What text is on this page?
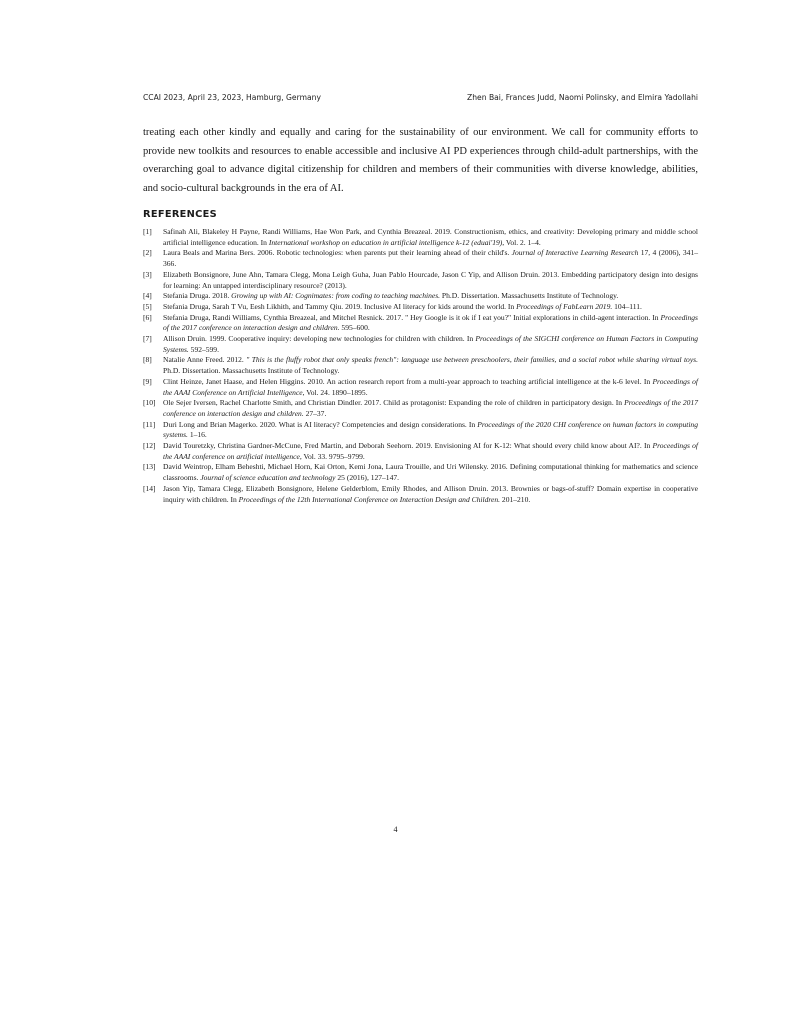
CCAI 2023, April 23, 2023, Hamburg, Germany	Zhen Bai, Frances Judd, Naomi Polinsky, and Elmira Yadollahi

treating each other kindly and equally and caring for the sustainability of our environment. We call for community efforts to provide new toolkits and resources to enable accessible and inclusive AI PD experiences through child-adult partnerships, with the overarching goal to advance digital citizenship for children and members of their communities with diverse knowledge, abilities, and socio-cultural backgrounds in the era of AI.

REFERENCES
[1]	Safinah Ali, Blakeley H Payne, Randi Williams, Hae Won Park, and Cynthia Breazeal. 2019. Constructionism, ethics, and creativity: Developing primary and middle school artificial intelligence education. In International workshop on education in artificial intelligence k-12 (eduai'19), Vol. 2. 1–4.
[2]	Laura Beals and Marina Bers. 2006. Robotic technologies: when parents put their learning ahead of their child's. Journal of Interactive Learning Research 17, 4 (2006), 341–366.
[3]	Elizabeth Bonsignore, June Ahn, Tamara Clegg, Mona Leigh Guha, Juan Pablo Hourcade, Jason C Yip, and Allison Druin. 2013. Embedding participatory design into designs for learning: An untapped interdisciplinary resource? (2013).
[4]	Stefania Druga. 2018. Growing up with AI: Cognimates: from coding to teaching machines. Ph.D. Dissertation. Massachusetts Institute of Technology.
[5]	Stefania Druga, Sarah T Vu, Eesh Likhith, and Tammy Qiu. 2019. Inclusive AI literacy for kids around the world. In Proceedings of FabLearn 2019. 104–111.
[6]	Stefania Druga, Randi Williams, Cynthia Breazeal, and Mitchel Resnick. 2017. " Hey Google is it ok if I eat you?" Initial explorations in child-agent interaction. In Proceedings of the 2017 conference on interaction design and children. 595–600.
[7]	Allison Druin. 1999. Cooperative inquiry: developing new technologies for children with children. In Proceedings of the SIGCHI conference on Human Factors in Computing Systems. 592–599.
[8]	Natalie Anne Freed. 2012. " This is the fluffy robot that only speaks french": language use between preschoolers, their families, and a social robot while sharing virtual toys. Ph.D. Dissertation. Massachusetts Institute of Technology.
[9]	Clint Heinze, Janet Haase, and Helen Higgins. 2010. An action research report from a multi-year approach to teaching artificial intelligence at the k-6 level. In Proceedings of the AAAI Conference on Artificial Intelligence, Vol. 24. 1890–1895.
[10] Ole Sejer Iversen, Rachel Charlotte Smith, and Christian Dindler. 2017. Child as protagonist: Expanding the role of children in participatory design. In Proceedings of the 2017 conference on interaction design and children. 27–37.
[11]	Duri Long and Brian Magerko. 2020. What is AI literacy? Competencies and design considerations. In Proceedings of the 2020 CHI conference on human factors in computing systems. 1–16.
[12] David Touretzky, Christina Gardner-McCune, Fred Martin, and Deborah Seehorn. 2019. Envisioning AI for K-12: What should every child know about AI?. In Proceedings of the AAAI conference on artificial intelligence, Vol. 33. 9795–9799.
[13] David Weintrop, Elham Beheshti, Michael Horn, Kai Orton, Kemi Jona, Laura Trouille, and Uri Wilensky. 2016. Defining computational thinking for mathematics and science classrooms. Journal of science education and technology 25 (2016), 127–147.
[14] Jason Yip, Tamara Clegg, Elizabeth Bonsignore, Helene Gelderblom, Emily Rhodes, and Allison Druin. 2013. Brownies or bags-of-stuff? Domain expertise in cooperative inquiry with children. In Proceedings of the 12th International Conference on Interaction Design and Children. 201–210.
4
